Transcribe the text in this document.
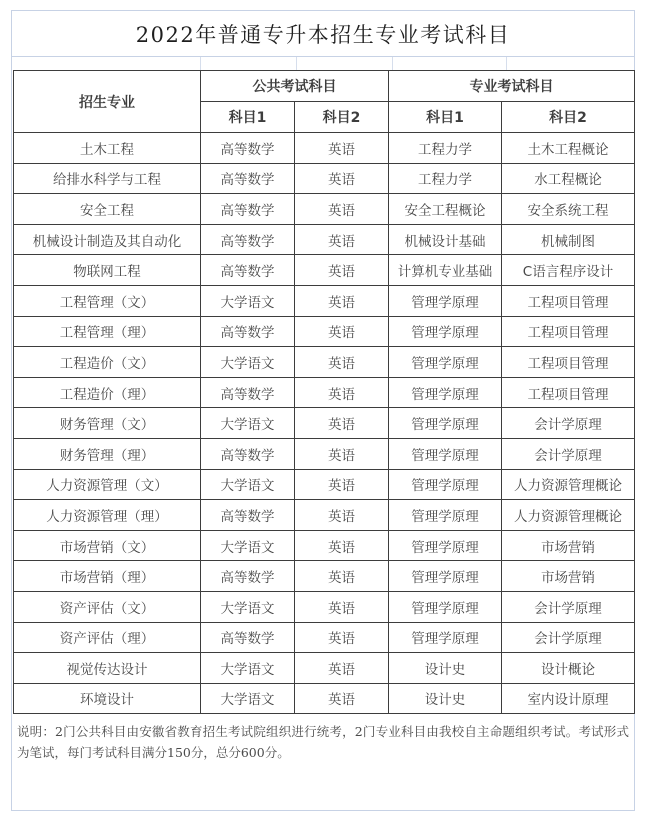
2022年普通专升本招生专业考试科目
招生专业	公共考试科目		专业考试科目	
	科目1	科目2	科目1	科目2
土木工程	高等数学	英语	工程力学	土木工程概论
给排水科学与工程	高等数学	英语	工程力学	水工程概论
安全工程	高等数学	英语	安全工程概论	安全系统工程
机械设计制造及其自动化	高等数学	英语	机械设计基础	机械制图
物联网工程	高等数学	英语	计算机专业基础	C语言程序设计
工程管理（文）	大学语文	英语	管理学原理	工程项目管理
工程管理（理）	高等数学	英语	管理学原理	工程项目管理
工程造价（文）	大学语文	英语	管理学原理	工程项目管理
工程造价（理）	高等数学	英语	管理学原理	工程项目管理
财务管理（文）	大学语文	英语	管理学原理	会计学原理
财务管理（理）	高等数学	英语	管理学原理	会计学原理
人力资源管理（文）	大学语文	英语	管理学原理	人力资源管理概论
人力资源管理（理）	高等数学	英语	管理学原理	人力资源管理概论
市场营销（文）	大学语文	英语	管理学原理	市场营销
市场营销（理）	高等数学	英语	管理学原理	市场营销
资产评估（文）	大学语文	英语	管理学原理	会计学原理
资产评估（理）	高等数学	英语	管理学原理	会计学原理
视觉传达设计	大学语文	英语	设计史	设计概论
环境设计	大学语文	英语	设计史	室内设计原理
说明：2门公共科目由安徽省教育招生考试院组织进行统考，2门专业科目由我校自主命题组织考试。考试形式为笔试，每门考试科目满分150分，总分600分。
